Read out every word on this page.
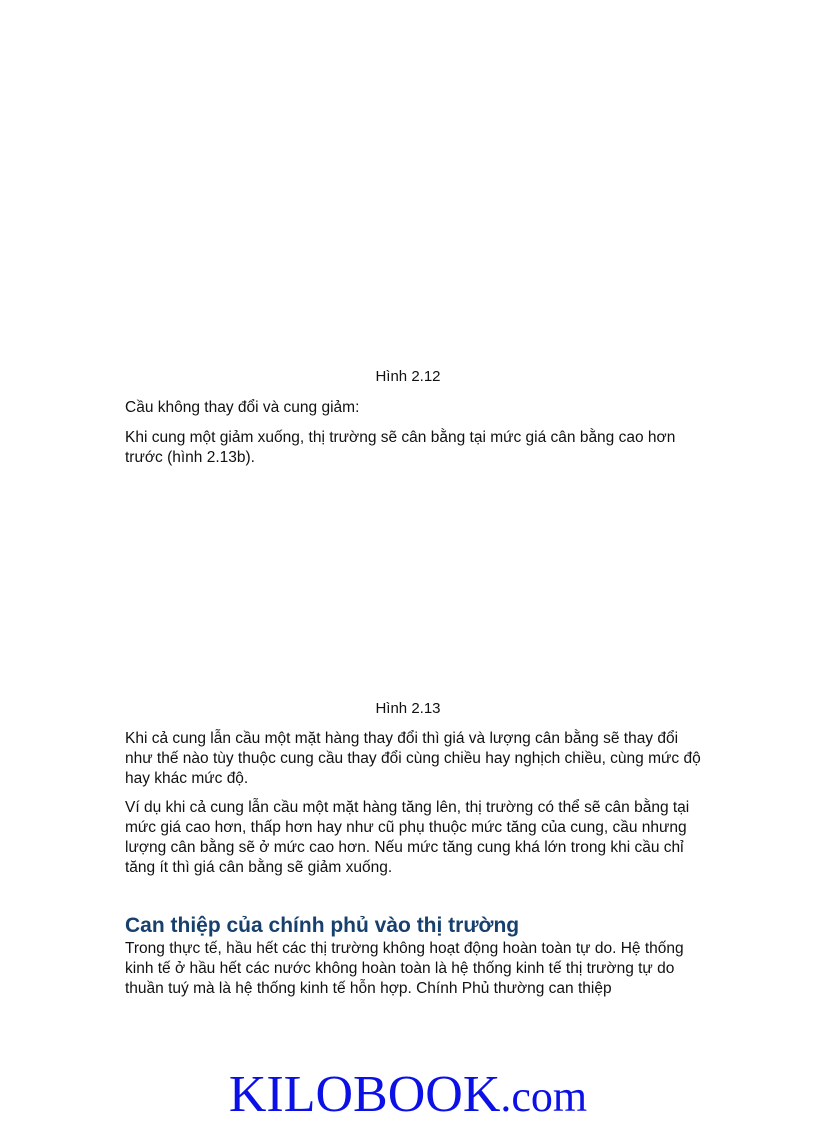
Hình 2.12

Cầu không thay đổi và cung giảm:

Khi cung một giảm xuống, thị trường sẽ cân bằng tại mức giá cân bằng cao hơn trước (hình 2.13b).

Hình 2.13

Khi cả cung lẫn cầu một mặt hàng thay đổi thì giá và lượng cân bằng sẽ thay đổi như thế nào tùy thuộc cung cầu thay đổi cùng chiều hay nghịch chiều, cùng mức độ hay khác mức độ.

Ví dụ khi cả cung lẫn cầu một mặt hàng tăng lên, thị trường có thể sẽ cân bằng tại mức giá cao hơn, thấp hơn hay như cũ phụ thuộc mức tăng của cung, cầu nhưng lượng cân bằng sẽ ở mức cao hơn. Nếu mức tăng cung khá lớn trong khi cầu chỉ tăng ít thì giá cân bằng sẽ giảm xuống.

Can thiệp của chính phủ vào thị trường

Trong thực tế, hầu hết các thị trường không hoạt động hoàn toàn tự do. Hệ thống kinh tế ở hầu hết các nước không hoàn toàn là hệ thống kinh tế thị trường tự do thuần tuý mà là hệ thống kinh tế hỗn hợp. Chính Phủ thường can thiệp

KILOBOOK.com
